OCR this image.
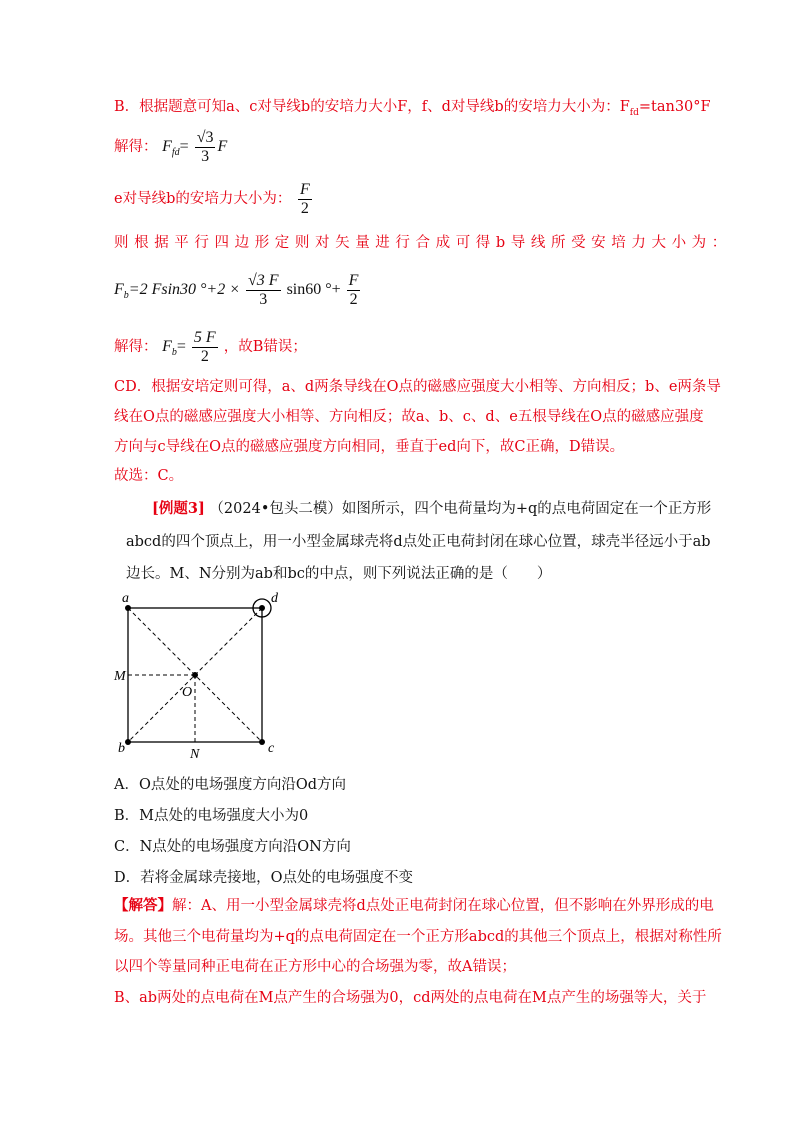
B．根据题意可知a、c对导线b的安培力大小F，f、d对导线b的安培力大小为：$F_{fd}=\tan 30^\circ F$
解得： $F_{fd}= \frac{√3}{3}$ F
e对导线b的安培力大小为： $\frac{F}{2}$
则根据平行四边形定则对矢量进行合成可得b导线所受安培力大小为：
$F_b=2$ Fsin30 $^\circ+2 \times \frac{√3 F}{3} \sin 60$ °+ $\frac{F}{2}$
解得： $F_b= \frac{5 F}{2}$ ，故B错误；
CD．根据安培定则可得，a、d两条导线在O点的磁感应强度大小相等、方向相反；b、e两条导
线在O点的磁感应强度大小相等、方向相反；故a、b、c、d、e五根导线在O点的磁感应强度
方向与c导线在O点的磁感应强度方向相同，垂直于ed向下，故C正确，D错误。
故选：C。
[例题3] （2024•包头二模）如图所示，四个电荷量均为+q的点电荷固定在一个正方形
abcd的四个顶点上，用一小型金属球壳将d点处正电荷封闭在球心位置，球壳半径远小于ab
边长。M、N分别为ab和bc的中点，则下列说法正确的是（　　）
a	d
M
O
b	c
N
A．O点处的电场强度方向沿Od方向
B．M点处的电场强度大小为0
C．N点处的电场强度方向沿ON方向
D．若将金属球壳接地，O点处的电场强度不变
【解答】解：A、用一小型金属球壳将d点处正电荷封闭在球心位置，但不影响在外界形成的电
场。其他三个电荷量均为+q的点电荷固定在一个正方形abcd的其他三个顶点上，根据对称性所
以四个等量同种正电荷在正方形中心的合场强为零，故A错误；
B、ab两处的点电荷在M点产生的合场强为0，cd两处的点电荷在M点产生的场强等大，关于
